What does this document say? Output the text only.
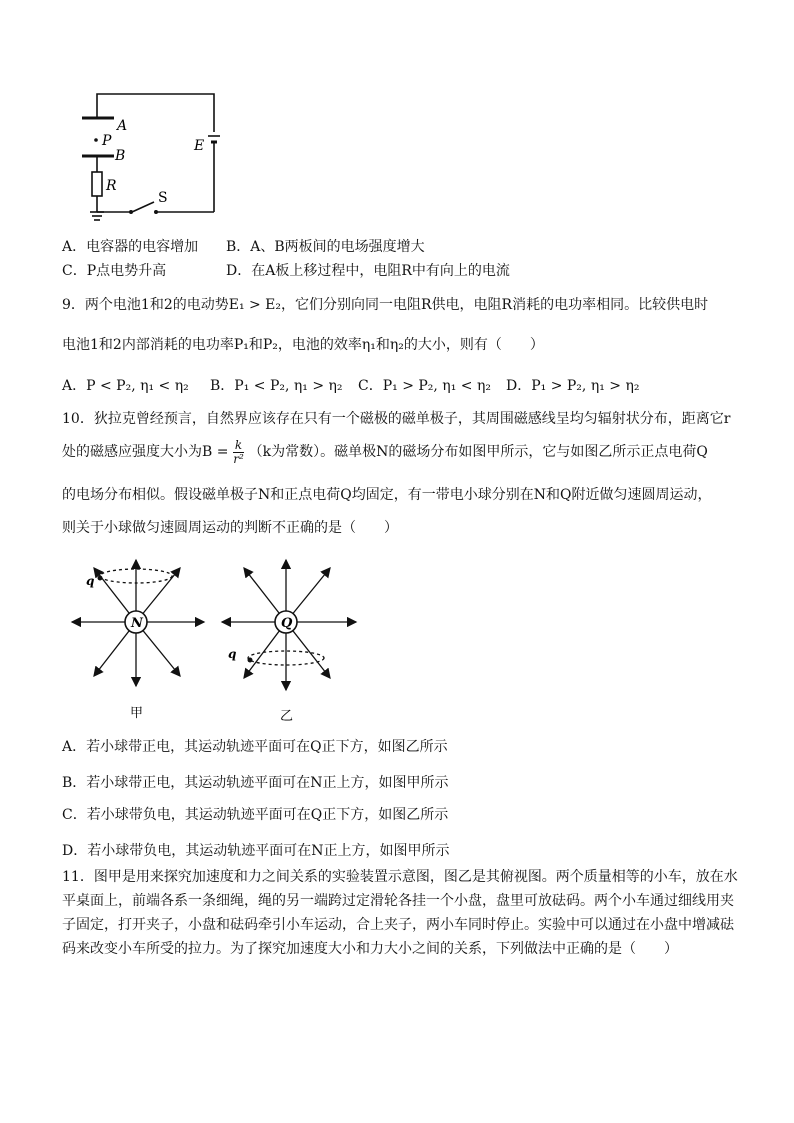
A
P
B
R
E
S
A．电容器的电容增加 B．A、B两板间的电场强度增大
C．P点电势升高	D．在A板上移过程中，电阻R中有向上的电流
9．两个电池1和2的电动势E₁ > E₂，它们分别向同一电阻R供电，电阻R消耗的电功率相同。比较供电时
电池1和2内部消耗的电功率P₁和P₂，电池的效率η₁和η₂的大小，则有（　　）
A．P < P₂, η₁ < η₂ B．P₁ < P₂, η₁ > η₂ C．P₁ > P₂, η₁ < η₂ D．P₁ > P₂, η₁ > η₂
10．狄拉克曾经预言，自然界应该存在只有一个磁极的磁单极子，其周围磁感线呈均匀辐射状分布，距离它r
处的磁感应强度大小为$B = \frac{k}{\text{r²}} (k$为常数）。磁单极N的磁场分布如图甲所示，它与如图乙所示正点电荷Q
的电场分布相似。假设磁单极子N和正点电荷Q均固定，有一带电小球分别在N和Q附近做匀速圆周运动，
则关于小球做匀速圆周运动的判断不正确的是（　　）
q
N
甲
q
Q
乙
A．若小球带正电，其运动轨迹平面可在Q正下方，如图乙所示
B．若小球带正电，其运动轨迹平面可在N正上方，如图甲所示
C．若小球带负电，其运动轨迹平面可在Q正下方，如图乙所示
D．若小球带负电，其运动轨迹平面可在N正上方，如图甲所示
11．图甲是用来探究加速度和力之间关系的实验装置示意图，图乙是其俯视图。两个质量相等的小车，放在水
平桌面上，前端各系一条细绳，绳的另一端跨过定滑轮各挂一个小盘，盘里可放砝码。两个小车通过细线用夹
子固定，打开夹子，小盘和砝码牵引小车运动，合上夹子，两小车同时停止。实验中可以通过在小盘中增减砝
码来改变小车所受的拉力。为了探究加速度大小和力大小之间的关系，下列做法中正确的是（　　）
